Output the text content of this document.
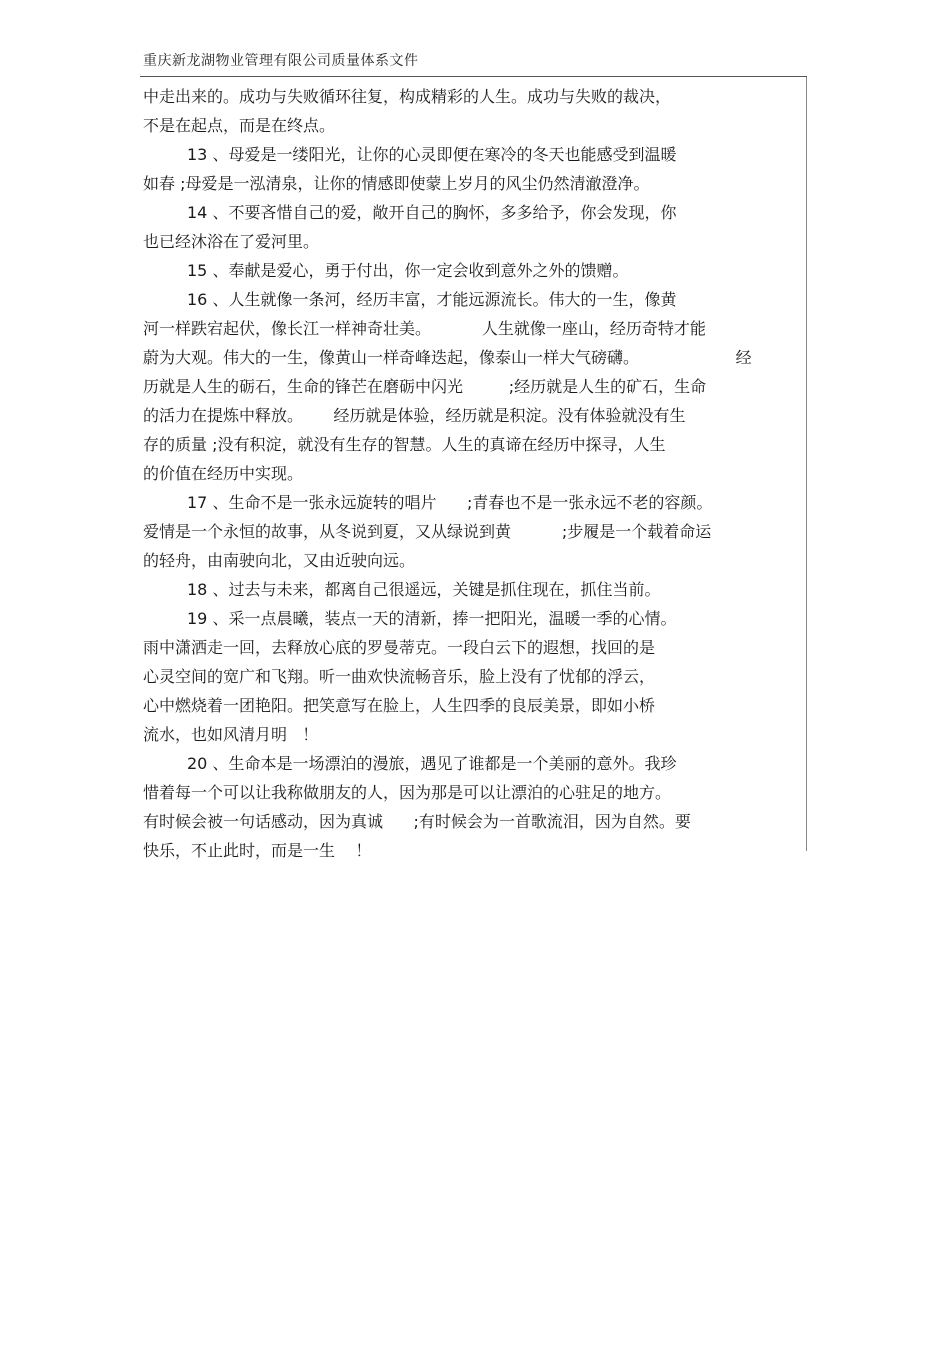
重庆新龙湖物业管理有限公司质量体系文件
中走出来的。成功与失败循环往复，构成精彩的人生。成功与失败的裁决，
不是在起点，而是在终点。
13 、母爱是一缕阳光，让你的心灵即便在寒冷的冬天也能感受到温暖
如春 ;母爱是一泓清泉，让你的情感即使蒙上岁月的风尘仍然清澈澄净。
14 、不要吝惜自己的爱，敞开自己的胸怀，多多给予，你会发现，你
也已经沐浴在了爱河里。
15 、奉献是爱心，勇于付出，你一定会收到意外之外的馈赠。
16 、人生就像一条河，经历丰富，才能远源流长。伟大的一生，像黄
河一样跌宕起伏，像长江一样神奇壮美。          人生就像一座山，经历奇特才能
蔚为大观。伟大的一生，像黄山一样奇峰迭起，像泰山一样大气磅礴。                   经
历就是人生的砺石，生命的锋芒在磨砺中闪光         ;经历就是人生的矿石，生命
的活力在提炼中释放。      经历就是体验，经历就是积淀。没有体验就没有生
存的质量 ;没有积淀，就没有生存的智慧。人生的真谛在经历中探寻，人生
的价值在经历中实现。
17 、生命不是一张永远旋转的唱片      ;青春也不是一张永远不老的容颜。
爱情是一个永恒的故事，从冬说到夏，又从绿说到黄          ;步履是一个载着命运
的轻舟，由南驶向北，又由近驶向远。
18 、过去与未来，都离自己很遥远，关键是抓住现在，抓住当前。
19 、采一点晨曦，装点一天的清新，捧一把阳光，温暖一季的心情。
雨中潇洒走一回，去释放心底的罗曼蒂克。一段白云下的遐想，找回的是
心灵空间的宽广和飞翔。听一曲欢快流畅音乐，脸上没有了忧郁的浮云，
心中燃烧着一团艳阳。把笑意写在脸上，人生四季的良辰美景，即如小桥
流水，也如风清月明   ！
20 、生命本是一场漂泊的漫旅，遇见了谁都是一个美丽的意外。我珍
惜着每一个可以让我称做朋友的人，因为那是可以让漂泊的心驻足的地方。
有时候会被一句话感动，因为真诚      ;有时候会为一首歌流泪，因为自然。要
快乐，不止此时，而是一生    ！
